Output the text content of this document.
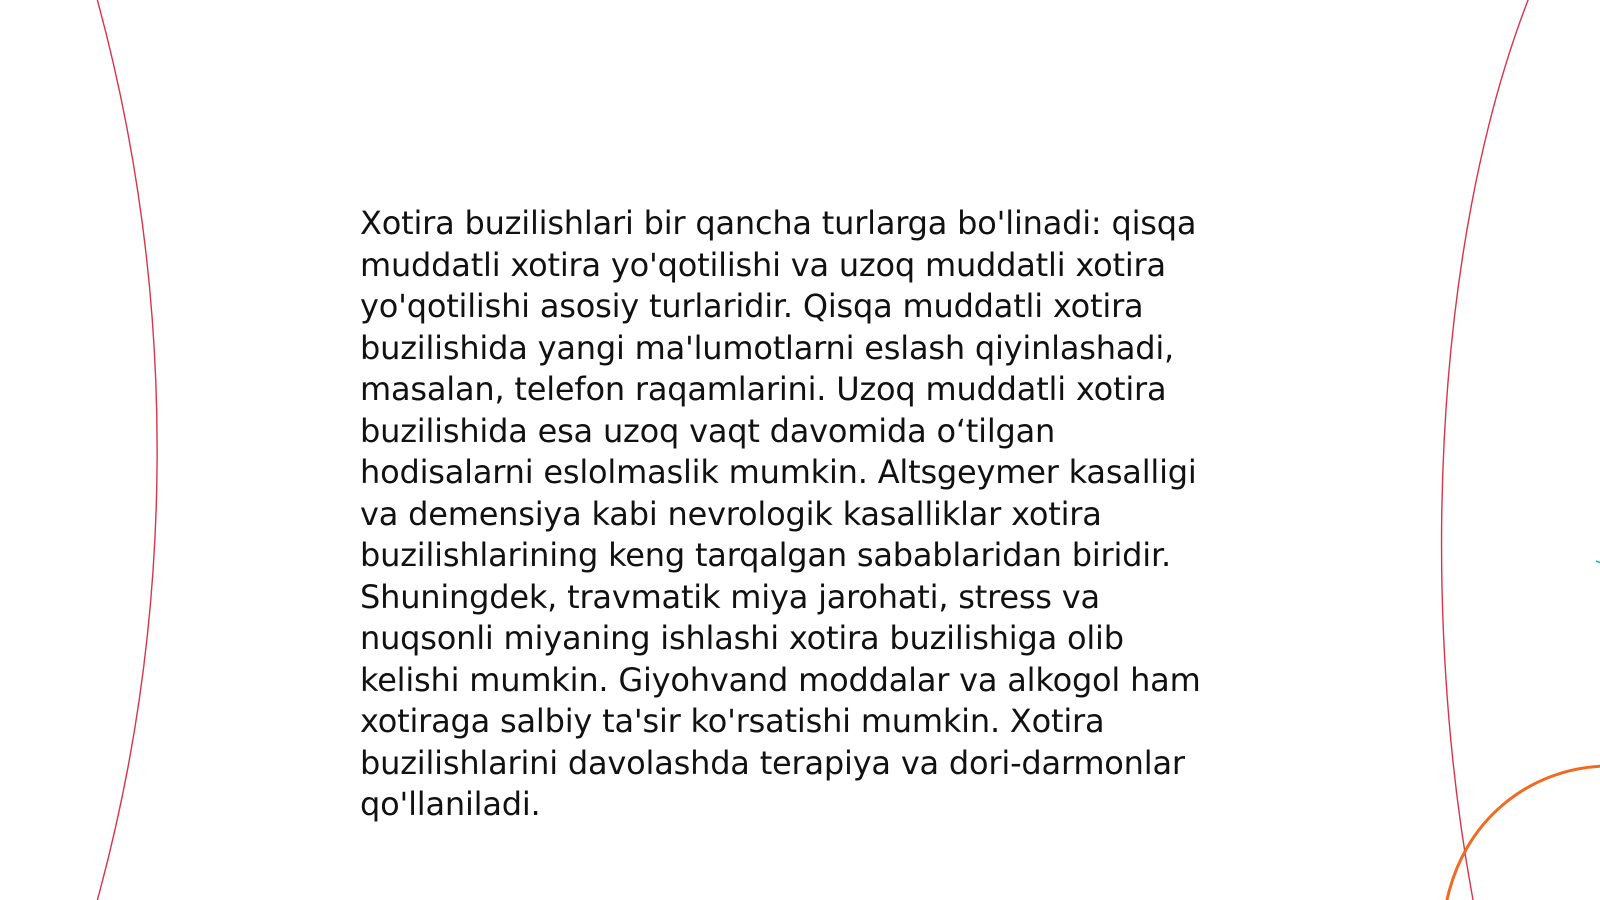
Xotira buzilishlari bir qancha turlarga bo'linadi: qisqa
muddatli xotira yo'qotilishi va uzoq muddatli xotira
yo'qotilishi asosiy turlaridir. Qisqa muddatli xotira
buzilishida yangi ma'lumotlarni eslash qiyinlashadi,
masalan, telefon raqamlarini. Uzoq muddatli xotira
buzilishida esa uzoq vaqt davomida o‘tilgan
hodisalarni eslolmaslik mumkin. Altsgeymer kasalligi
va demensiya kabi nevrologik kasalliklar xotira
buzilishlarining keng tarqalgan sabablaridan biridir.
Shuningdek, travmatik miya jarohati, stress va
nuqsonli miyaning ishlashi xotira buzilishiga olib
kelishi mumkin. Giyohvand moddalar va alkogol ham
xotiraga salbiy ta'sir ko'rsatishi mumkin. Xotira
buzilishlarini davolashda terapiya va dori-darmonlar
qo'llaniladi.
